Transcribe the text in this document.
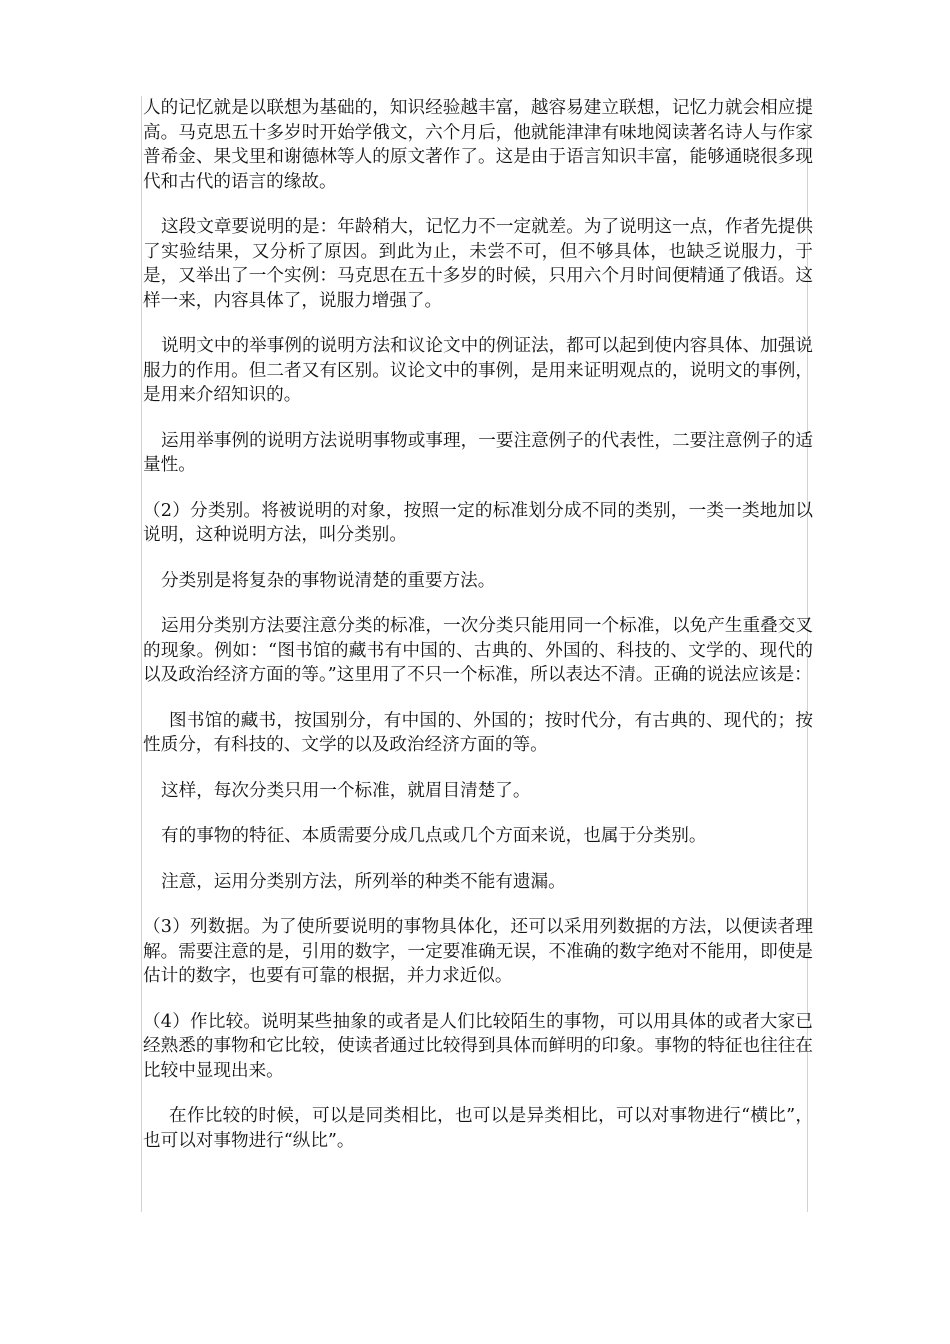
人的记忆就是以联想为基础的，知识经验越丰富，越容易建立联想，记忆力就会相应提高。马克思五十多岁时开始学俄文，六个月后，他就能津津有味地阅读著名诗人与作家普希金、果戈里和谢德林等人的原文著作了。这是由于语言知识丰富，能够通晓很多现代和古代的语言的缘故。

这段文章要说明的是：年龄稍大，记忆力不一定就差。为了说明这一点，作者先提供了实验结果，又分析了原因。到此为止，未尝不可，但不够具体，也缺乏说服力，于是，又举出了一个实例：马克思在五十多岁的时候，只用六个月时间便精通了俄语。这样一来，内容具体了，说服力增强了。

说明文中的举事例的说明方法和议论文中的例证法，都可以起到使内容具体、加强说服力的作用。但二者又有区别。议论文中的事例，是用来证明观点的，说明文的事例，是用来介绍知识的。

运用举事例的说明方法说明事物或事理，一要注意例子的代表性，二要注意例子的适量性。

（2）分类别。将被说明的对象，按照一定的标准划分成不同的类别，一类一类地加以说明，这种说明方法，叫分类别。

分类别是将复杂的事物说清楚的重要方法。

运用分类别方法要注意分类的标准，一次分类只能用同一个标准，以免产生重叠交叉的现象。例如：“图书馆的藏书有中国的、古典的、外国的、科技的、文学的、现代的以及政治经济方面的等。”这里用了不只一个标准，所以表达不清。正确的说法应该是：

图书馆的藏书，按国别分，有中国的、外国的；按时代分，有古典的、现代的；按性质分，有科技的、文学的以及政治经济方面的等。

这样，每次分类只用一个标准，就眉目清楚了。

有的事物的特征、本质需要分成几点或几个方面来说，也属于分类别。

注意，运用分类别方法，所列举的种类不能有遗漏。

（3）列数据。为了使所要说明的事物具体化，还可以采用列数据的方法，以便读者理解。需要注意的是，引用的数字，一定要准确无误，不准确的数字绝对不能用，即使是估计的数字，也要有可靠的根据，并力求近似。

（4）作比较。说明某些抽象的或者是人们比较陌生的事物，可以用具体的或者大家已经熟悉的事物和它比较，使读者通过比较得到具体而鲜明的印象。事物的特征也往往在比较中显现出来。

在作比较的时候，可以是同类相比，也可以是异类相比，可以对事物进行“横比”，也可以对事物进行“纵比”。
